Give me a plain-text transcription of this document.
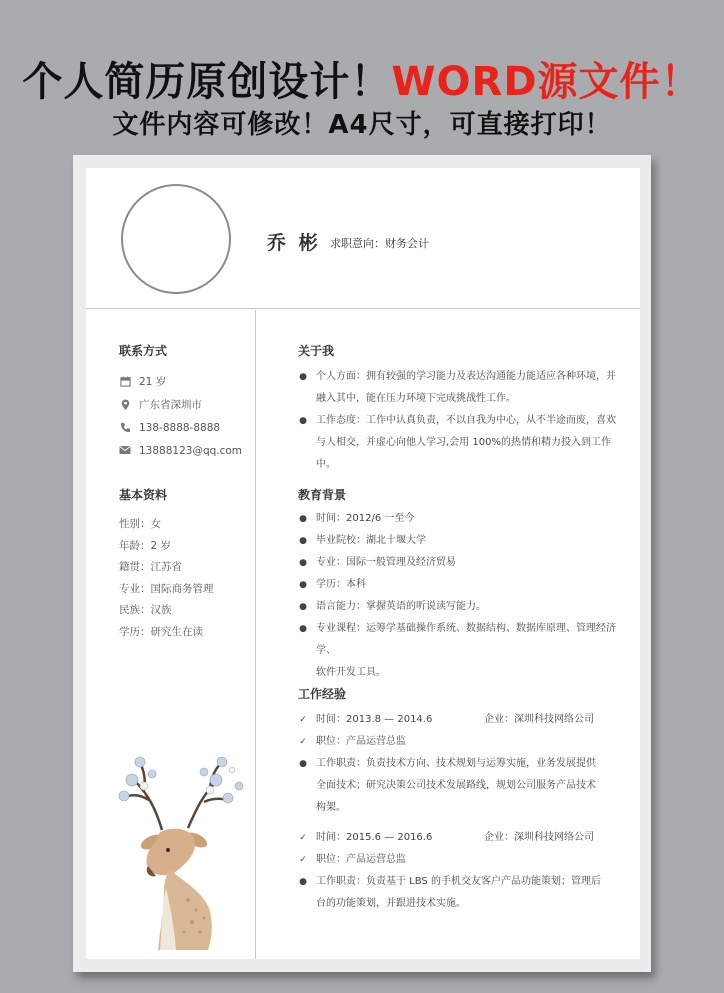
个人简历原创设计！WORD源文件！
文件内容可修改！A4尺寸，可直接打印！
乔 彬 求职意向：财务会计
联系方式
21 岁
广东省深圳市
138-8888-8888
13888123@qq.com
基本资料
性别：女
年龄：2 岁
籍贯：江苏省
专业：国际商务管理
民族：汉族
学历：研究生在读
关于我
● 个人方面：拥有较强的学习能力及表达沟通能力能适应各种环境，并
融入其中，能在压力环境下完成挑战性工作。
● 工作态度：工作中认真负责，不以自我为中心，从不半途而废，喜欢
与人相交，并虚心向他人学习,会用 100%的热情和精力投入到工作中。
教育背景
● 时间：2012/6 一至今
● 毕业院校：湖北十堰大学
● 专业：国际一般管理及经济贸易
● 学历：本科
● 语言能力：掌握英语的听说读写能力。
● 专业课程：运筹学基础操作系统、数据结构、数据库原理、管理经济学、
软件开发工具。
工作经验
✓ 时间：2013.8 — 2014.6	企业：深圳科技网络公司
✓ 职位：产品运营总监
● 工作职责：负责技术方向、技术规划与运筹实施，业务发展提供
全面技术；研究决策公司技术发展路线，规划公司服务产品技术
构架。
✓ 时间：2015.6 — 2016.6	企业：深圳科技网络公司
✓ 职位：产品运营总监
● 工作职责：负责基于 LBS 的手机交友客户产品功能策划；管理后
台的功能策划，并跟进技术实施。
